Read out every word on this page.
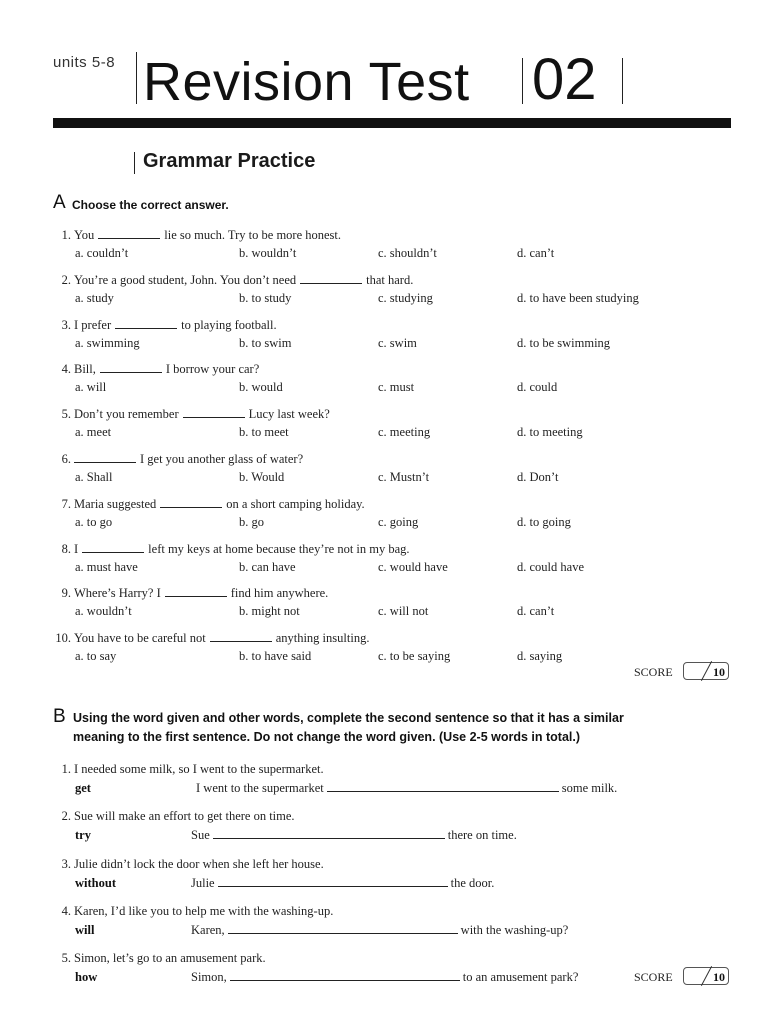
units 5-8 Revision Test 02
Grammar Practice
A Choose the correct answer.
1. You	lie so much. Try to be more honest.
a. couldn’t	b. wouldn’t	c. shouldn’t	d. can’t
2. You’re a good student, John. You don’t need	that hard.
a. study	b. to study	c. studying	d. to have been studying
3. I prefer	to playing football.
a. swimming	b. to swim	c. swim	d. to be swimming
4. Bill,	I borrow your car?
a. will	b. would	c. must	d. could
5. Don’t you remember	Lucy last week?
a. meet	b. to meet	c. meeting	d. to meeting
6.	I get you another glass of water?
a. Shall	b. Would	c. Mustn’t	d. Don’t
7. Maria suggested	on a short camping holiday.
a. to go	b. go	c. going	d. to going
8. I	left my keys at home because they’re not in my bag.
a. must have	b. can have	c. would have	d. could have
9. Where’s Harry? I	find him anywhere.
a. wouldn’t	b. might not	c. will not	d. can’t
10. You have to be careful not	anything insulting.
a. to say	b. to have said	c. to be saying	d. saying
SCORE	10
B Using the word given and other words, complete the second sentence so that it has a similar
meaning to the first sentence. Do not change the word given. (Use 2-5 words in total.)
1. I needed some milk, so I went to the supermarket.
get	I went to the supermarket	some milk.
2. Sue will make an effort to get there on time.
try	Sue	there on time.
3. Julie didn’t lock the door when she left her house.
without	Julie	the door.
4. Karen, I’d like you to help me with the washing-up.
will	Karen,	with the washing-up?
5. Simon, let’s go to an amusement park.
how	Simon,	to an amusement park?	SCORE	10
